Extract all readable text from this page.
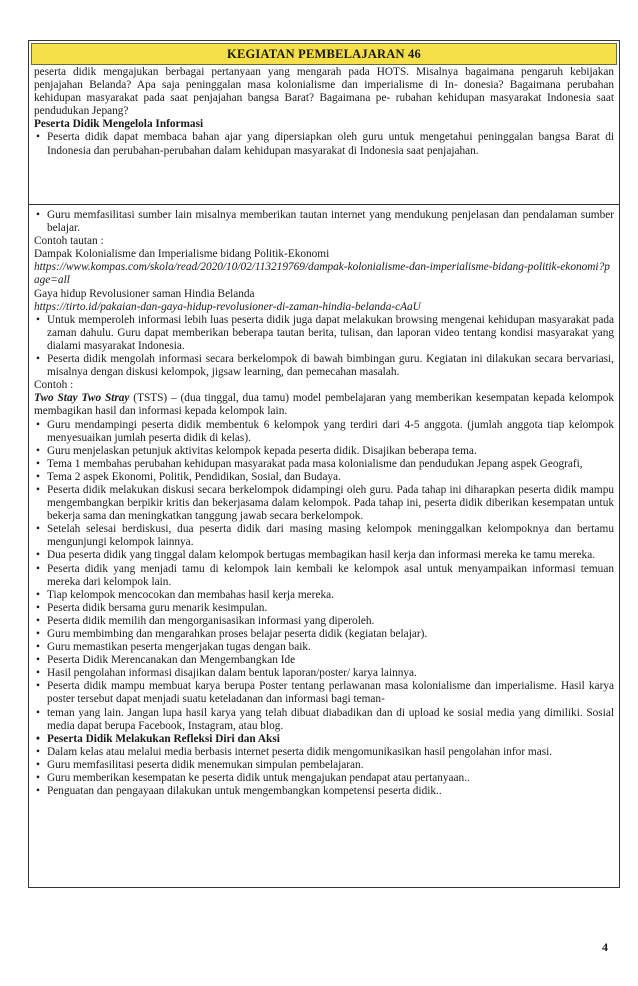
KEGIATAN PEMBELAJARAN 46

peserta didik mengajukan berbagai pertanyaan yang mengarah pada HOTS. Misalnya bagaimana pengaruh kebijakan penjajahan Belanda? Apa saja peninggalan masa kolonialisme dan imperialisme di In- donesia? Bagaimana perubahan kehidupan masyarakat pada saat penjajahan bangsa Barat? Bagaimana pe- rubahan kehidupan masyarakat Indonesia saat pendudukan Jepang?

Peserta Didik Mengelola Informasi

• Peserta didik dapat membaca bahan ajar yang dipersiapkan oleh guru untuk mengetahui peninggalan bangsa Barat di Indonesia dan perubahan-perubahan dalam kehidupan masyarakat di Indonesia saat penjajahan.
• Guru memfasilitasi sumber lain misalnya memberikan tautan internet yang mendukung penjelasan dan pendalaman sumber belajar.

Contoh tautan :

Dampak Kolonialisme dan Imperialisme bidang Politik-Ekonomi

https://www.kompas.com/skola/read/2020/10/02/113219769/dampak-kolonialisme-dan-imperialisme-bidang-politik-ekonomi?page=all

Gaya hidup Revolusioner saman Hindia Belanda

https://tirto.id/pakaian-dan-gaya-hidup-revolusioner-di-zaman-hindia-belanda-cAaU

• Untuk memperoleh informasi lebih luas peserta didik juga dapat melakukan browsing mengenai kehidupan masyarakat pada zaman dahulu. Guru dapat memberikan beberapa tautan berita, tulisan, dan laporan video tentang kondisi masyarakat yang dialami masyarakat Indonesia.
• Peserta didik mengolah informasi secara berkelompok di bawah bimbingan guru. Kegiatan ini dilakukan secara bervariasi, misalnya dengan diskusi kelompok, jigsaw learning, dan pemecahan masalah.

Contoh :

Two Stay Two Stray (TSTS) – (dua tinggal, dua tamu) model pembelajaran yang memberikan kesempatan kepada kelompok membagikan hasil dan informasi kepada kelompok lain.

• Guru mendampingi peserta didik membentuk 6 kelompok yang terdiri dari 4-5 anggota. (jumlah anggota tiap kelompok menyesuaikan jumlah peserta didik di kelas).
• Guru menjelaskan petunjuk aktivitas kelompok kepada peserta didik. Disajikan beberapa tema.
• Tema 1 membahas perubahan kehidupan masyarakat pada masa kolonialisme dan pendudukan Jepang aspek Geografi,
• Tema 2 aspek Ekonomi, Politik, Pendidikan, Sosial, dan Budaya.
• Peserta didik melakukan diskusi secara berkelompok didampingi oleh guru. Pada tahap ini diharapkan peserta didik mampu mengembangkan berpikir kritis dan bekerjasama dalam kelompok. Pada tahap ini, peserta didik diberikan kesempatan untuk bekerja sama dan meningkatkan tanggung jawab secara berkelompok.
• Setelah selesai berdiskusi, dua peserta didik dari masing masing kelompok meninggalkan kelompoknya dan bertamu mengunjungi kelompok lainnya.
• Dua peserta didik yang tinggal dalam kelompok bertugas membagikan hasil kerja dan informasi mereka ke tamu mereka.
• Peserta didik yang menjadi tamu di kelompok lain kembali ke kelompok asal untuk menyampaikan informasi temuan mereka dari kelompok lain.
• Tiap kelompok mencocokan dan membahas hasil kerja mereka.
• Peserta didik bersama guru menarik kesimpulan.
• Peserta didik memilih dan mengorganisasikan informasi yang diperoleh.
• Guru membimbing dan mengarahkan proses belajar peserta didik (kegiatan belajar).
• Guru memastikan peserta mengerjakan tugas dengan baik.
• Peserta Didik Merencanakan dan Mengembangkan Ide
• Hasil pengolahan informasi disajikan dalam bentuk laporan/poster/ karya lainnya.
• Peserta didik mampu membuat karya berupa Poster tentang perlawanan masa kolonialisme dan imperialisme. Hasil karya poster tersebut dapat menjadi suatu keteladanan dan informasi bagi teman-
• teman yang lain. Jangan lupa hasil karya yang telah dibuat diabadikan dan di upload ke sosial media yang dimiliki. Sosial media dapat berupa Facebook, Instagram, atau blog.
• Peserta Didik Melakukan Refleksi Diri dan Aksi
• Dalam kelas atau melalui media berbasis internet peserta didik mengomunikasikan hasil pengolahan infor masi.
• Guru memfasilitasi peserta didik menemukan simpulan pembelajaran.
• Guru memberikan kesempatan ke peserta didik untuk mengajukan pendapat atau pertanyaan..
• Penguatan dan pengayaan dilakukan untuk mengembangkan kompetensi peserta didik..
4
